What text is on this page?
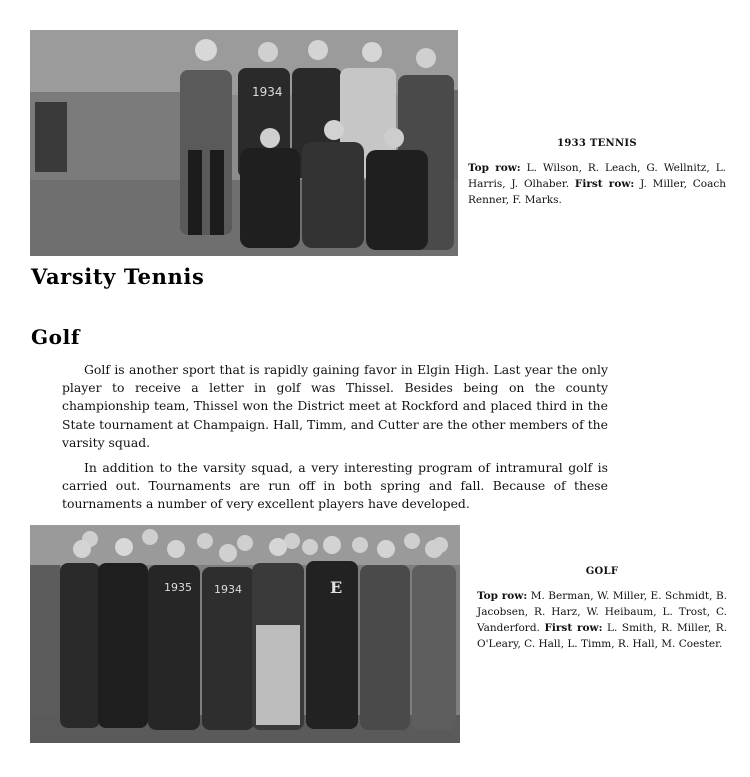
1934
1933 TENNIS
Top row: L. Wilson, R. Leach, G. Wellnitz, L. Harris, J. Olhaber. First row: J. Miller, Coach Renner, F. Marks.
Varsity Tennis
Golf

Golf is another sport that is rapidly gaining favor in Elgin High. Last year the only player to receive a letter in golf was Thissel. Besides being on the county championship team, Thissel won the District meet at Rockford and placed third in the State tournament at Champaign. Hall, Timm, and Cutter are the other members of the varsity squad.

In addition to the varsity squad, a very interesting program of intramural golf is carried out. Tournaments are run off in both spring and fall. Because of these tournaments a number of very excellent players have developed.

1935 1934	E
GOLF
Top row: M. Berman, W. Miller, E. Schmidt, B. Jacobsen, R. Harz, W. Heibaum, L. Trost, C. Vanderford. First row: L. Smith, R. Miller, R. O'Leary, C. Hall, L. Timm, R. Hall, M. Coester.
